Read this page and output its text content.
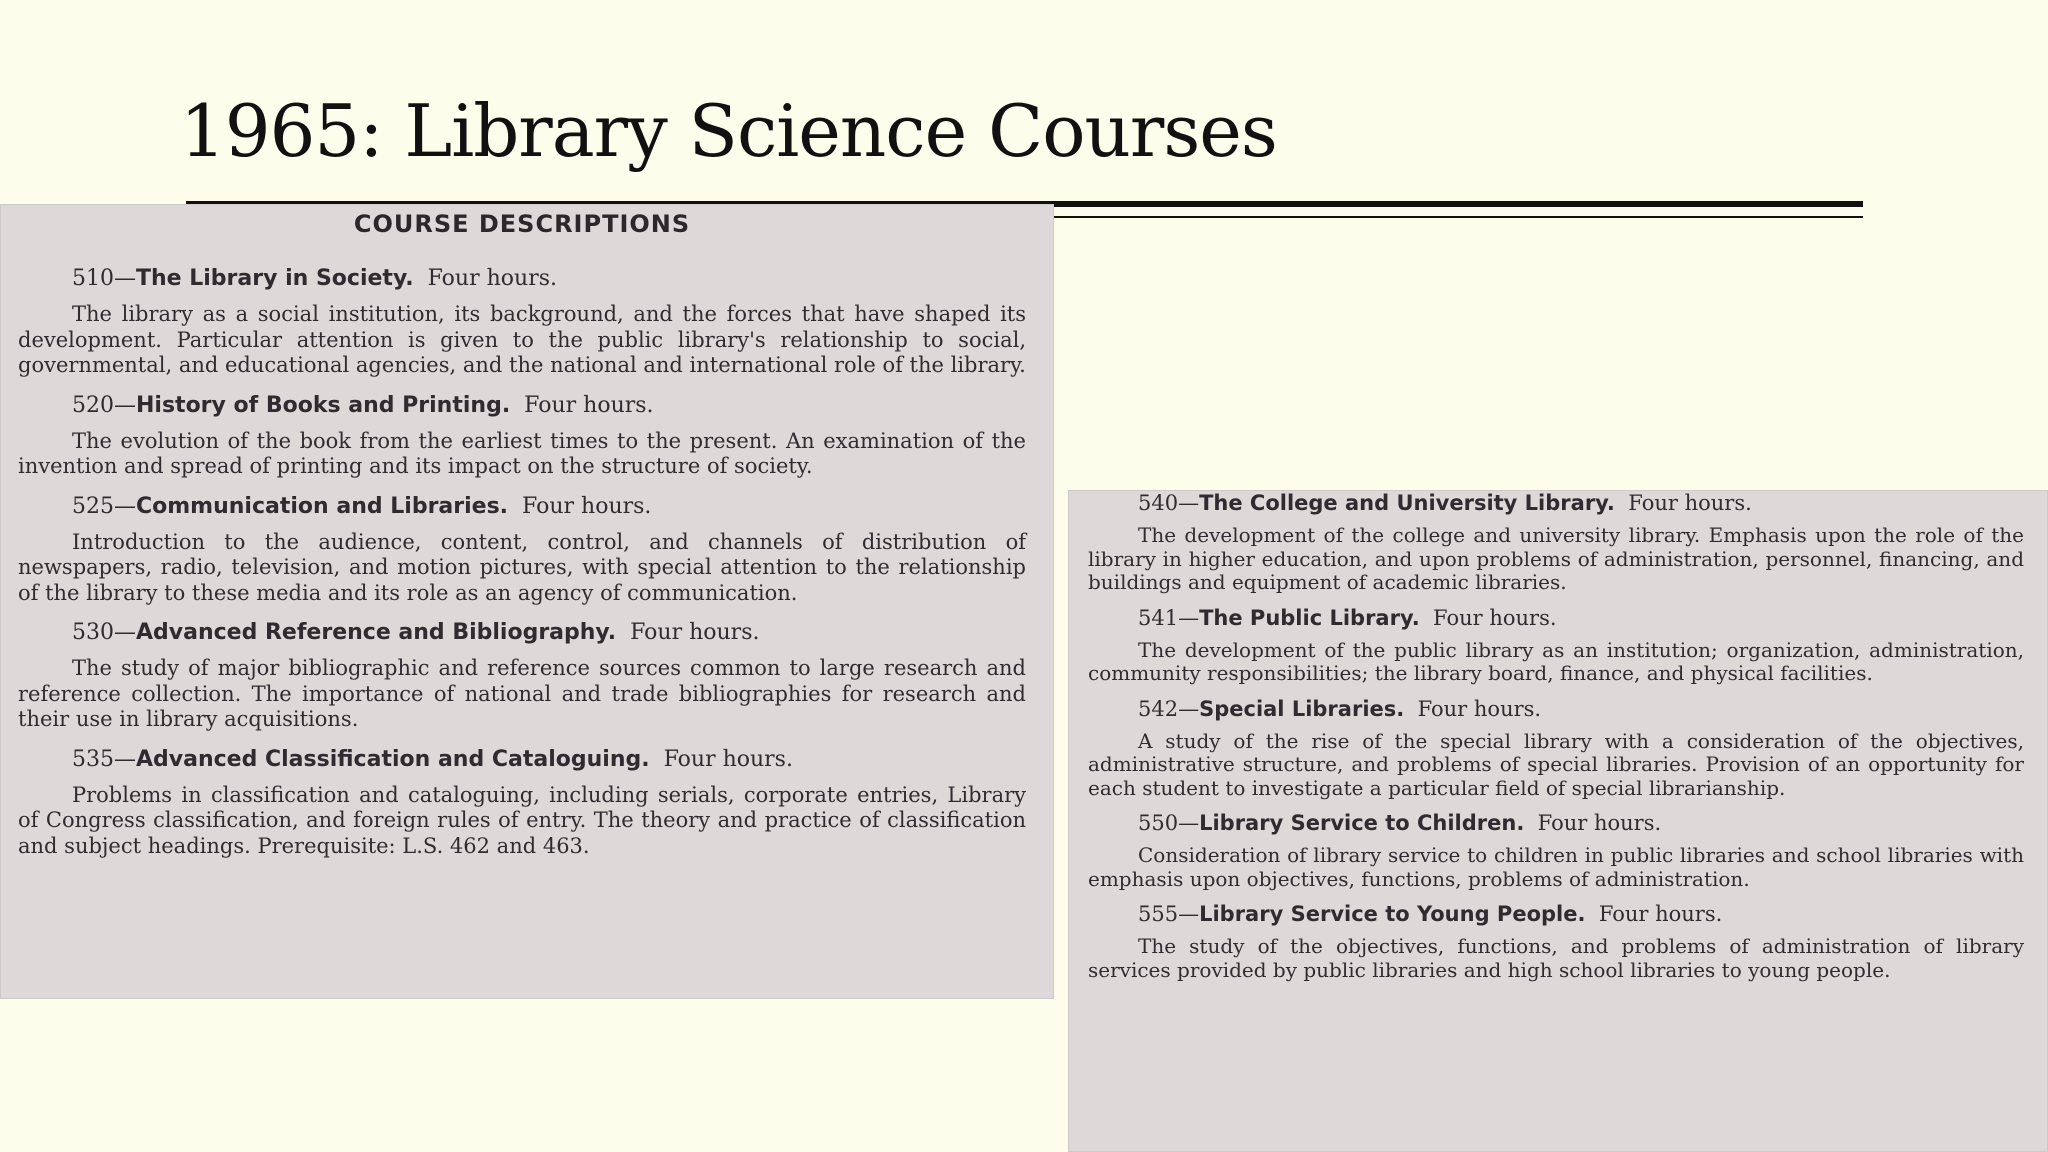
1965: Library Science Courses
COURSE DESCRIPTIONS

510—The Library in Society. Four hours.

The library as a social institution, its background, and the forces that have shaped its development. Particular attention is given to the public library's relationship to social, governmental, and educational agencies, and the national and international role of the library.

520—History of Books and Printing. Four hours.

The evolution of the book from the earliest times to the present. An examination of the invention and spread of printing and its impact on the structure of society.

525—Communication and Libraries. Four hours.

Introduction to the audience, content, control, and channels of distribution of newspapers, radio, television, and motion pictures, with special attention to the relationship of the library to these media and its role as an agency of communication.

530—Advanced Reference and Bibliography. Four hours.

The study of major bibliographic and reference sources common to large research and reference collection. The importance of national and trade bibliographies for research and their use in library acquisitions.

535—Advanced Classification and Cataloguing. Four hours.

Problems in classification and cataloguing, including serials, corporate entries, Library of Congress classification, and foreign rules of entry. The theory and practice of classification and subject headings. Prerequisite: L.S. 462 and 463.

540—The College and University Library. Four hours.

The development of the college and university library. Emphasis upon the role of the library in higher education, and upon problems of administration, personnel, financing, and buildings and equipment of academic libraries.

541—The Public Library. Four hours.

The development of the public library as an institution; organization, administration, community responsibilities; the library board, finance, and physical facilities.

542—Special Libraries. Four hours.

A study of the rise of the special library with a consideration of the objectives, administrative structure, and problems of special libraries. Provision of an opportunity for each student to investigate a particular field of special librarianship.

550—Library Service to Children. Four hours.

Consideration of library service to children in public libraries and school libraries with emphasis upon objectives, functions, problems of administration.

555—Library Service to Young People. Four hours.

The study of the objectives, functions, and problems of administration of library services provided by public libraries and high school libraries to young people.
